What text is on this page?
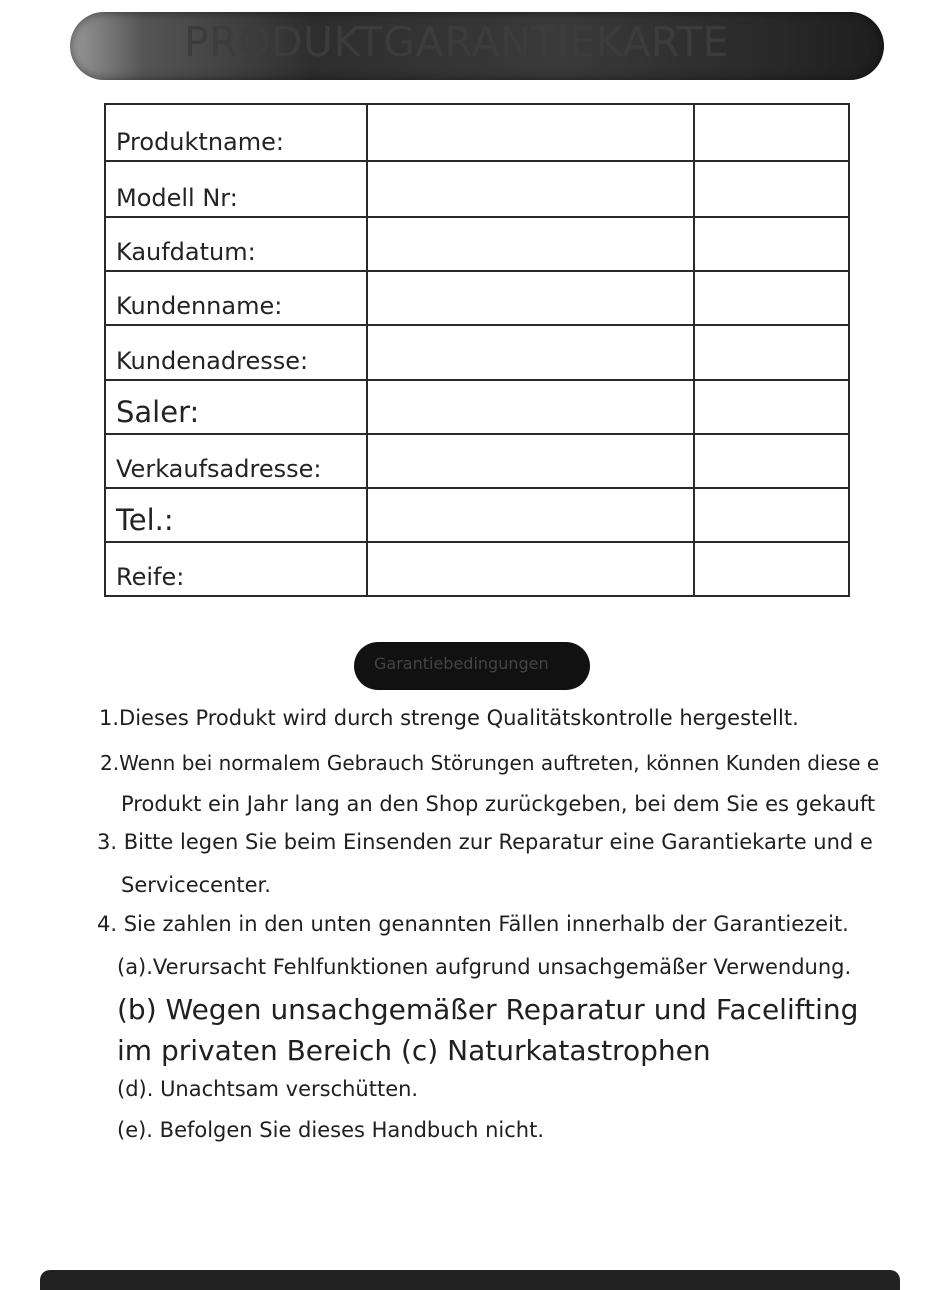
PRODUKTGARANTIEKARTE
Produktname:		
Modell Nr:		
Kaufdatum:		
Kundenname:		
Kundenadresse:		
Saler:		
Verkaufsadresse:		
Tel.:		
Reife:		
Garantiebedingungen
1.Dieses Produkt wird durch strenge Qualitätskontrolle hergestellt.
2.Wenn bei normalem Gebrauch Störungen auftreten, können Kunden diese e
Produkt ein Jahr lang an den Shop zurückgeben, bei dem Sie es gekauft
3. Bitte legen Sie beim Einsenden zur Reparatur eine Garantiekarte und e
Servicecenter.
4. Sie zahlen in den unten genannten Fällen innerhalb der Garantiezeit.
(a).Verursacht Fehlfunktionen aufgrund unsachgemäßer Verwendung.
(b) Wegen unsachgemäßer Reparatur und Facelifting
im privaten Bereich (c) Naturkatastrophen
(d). Unachtsam verschütten.
(e). Befolgen Sie dieses Handbuch nicht.
